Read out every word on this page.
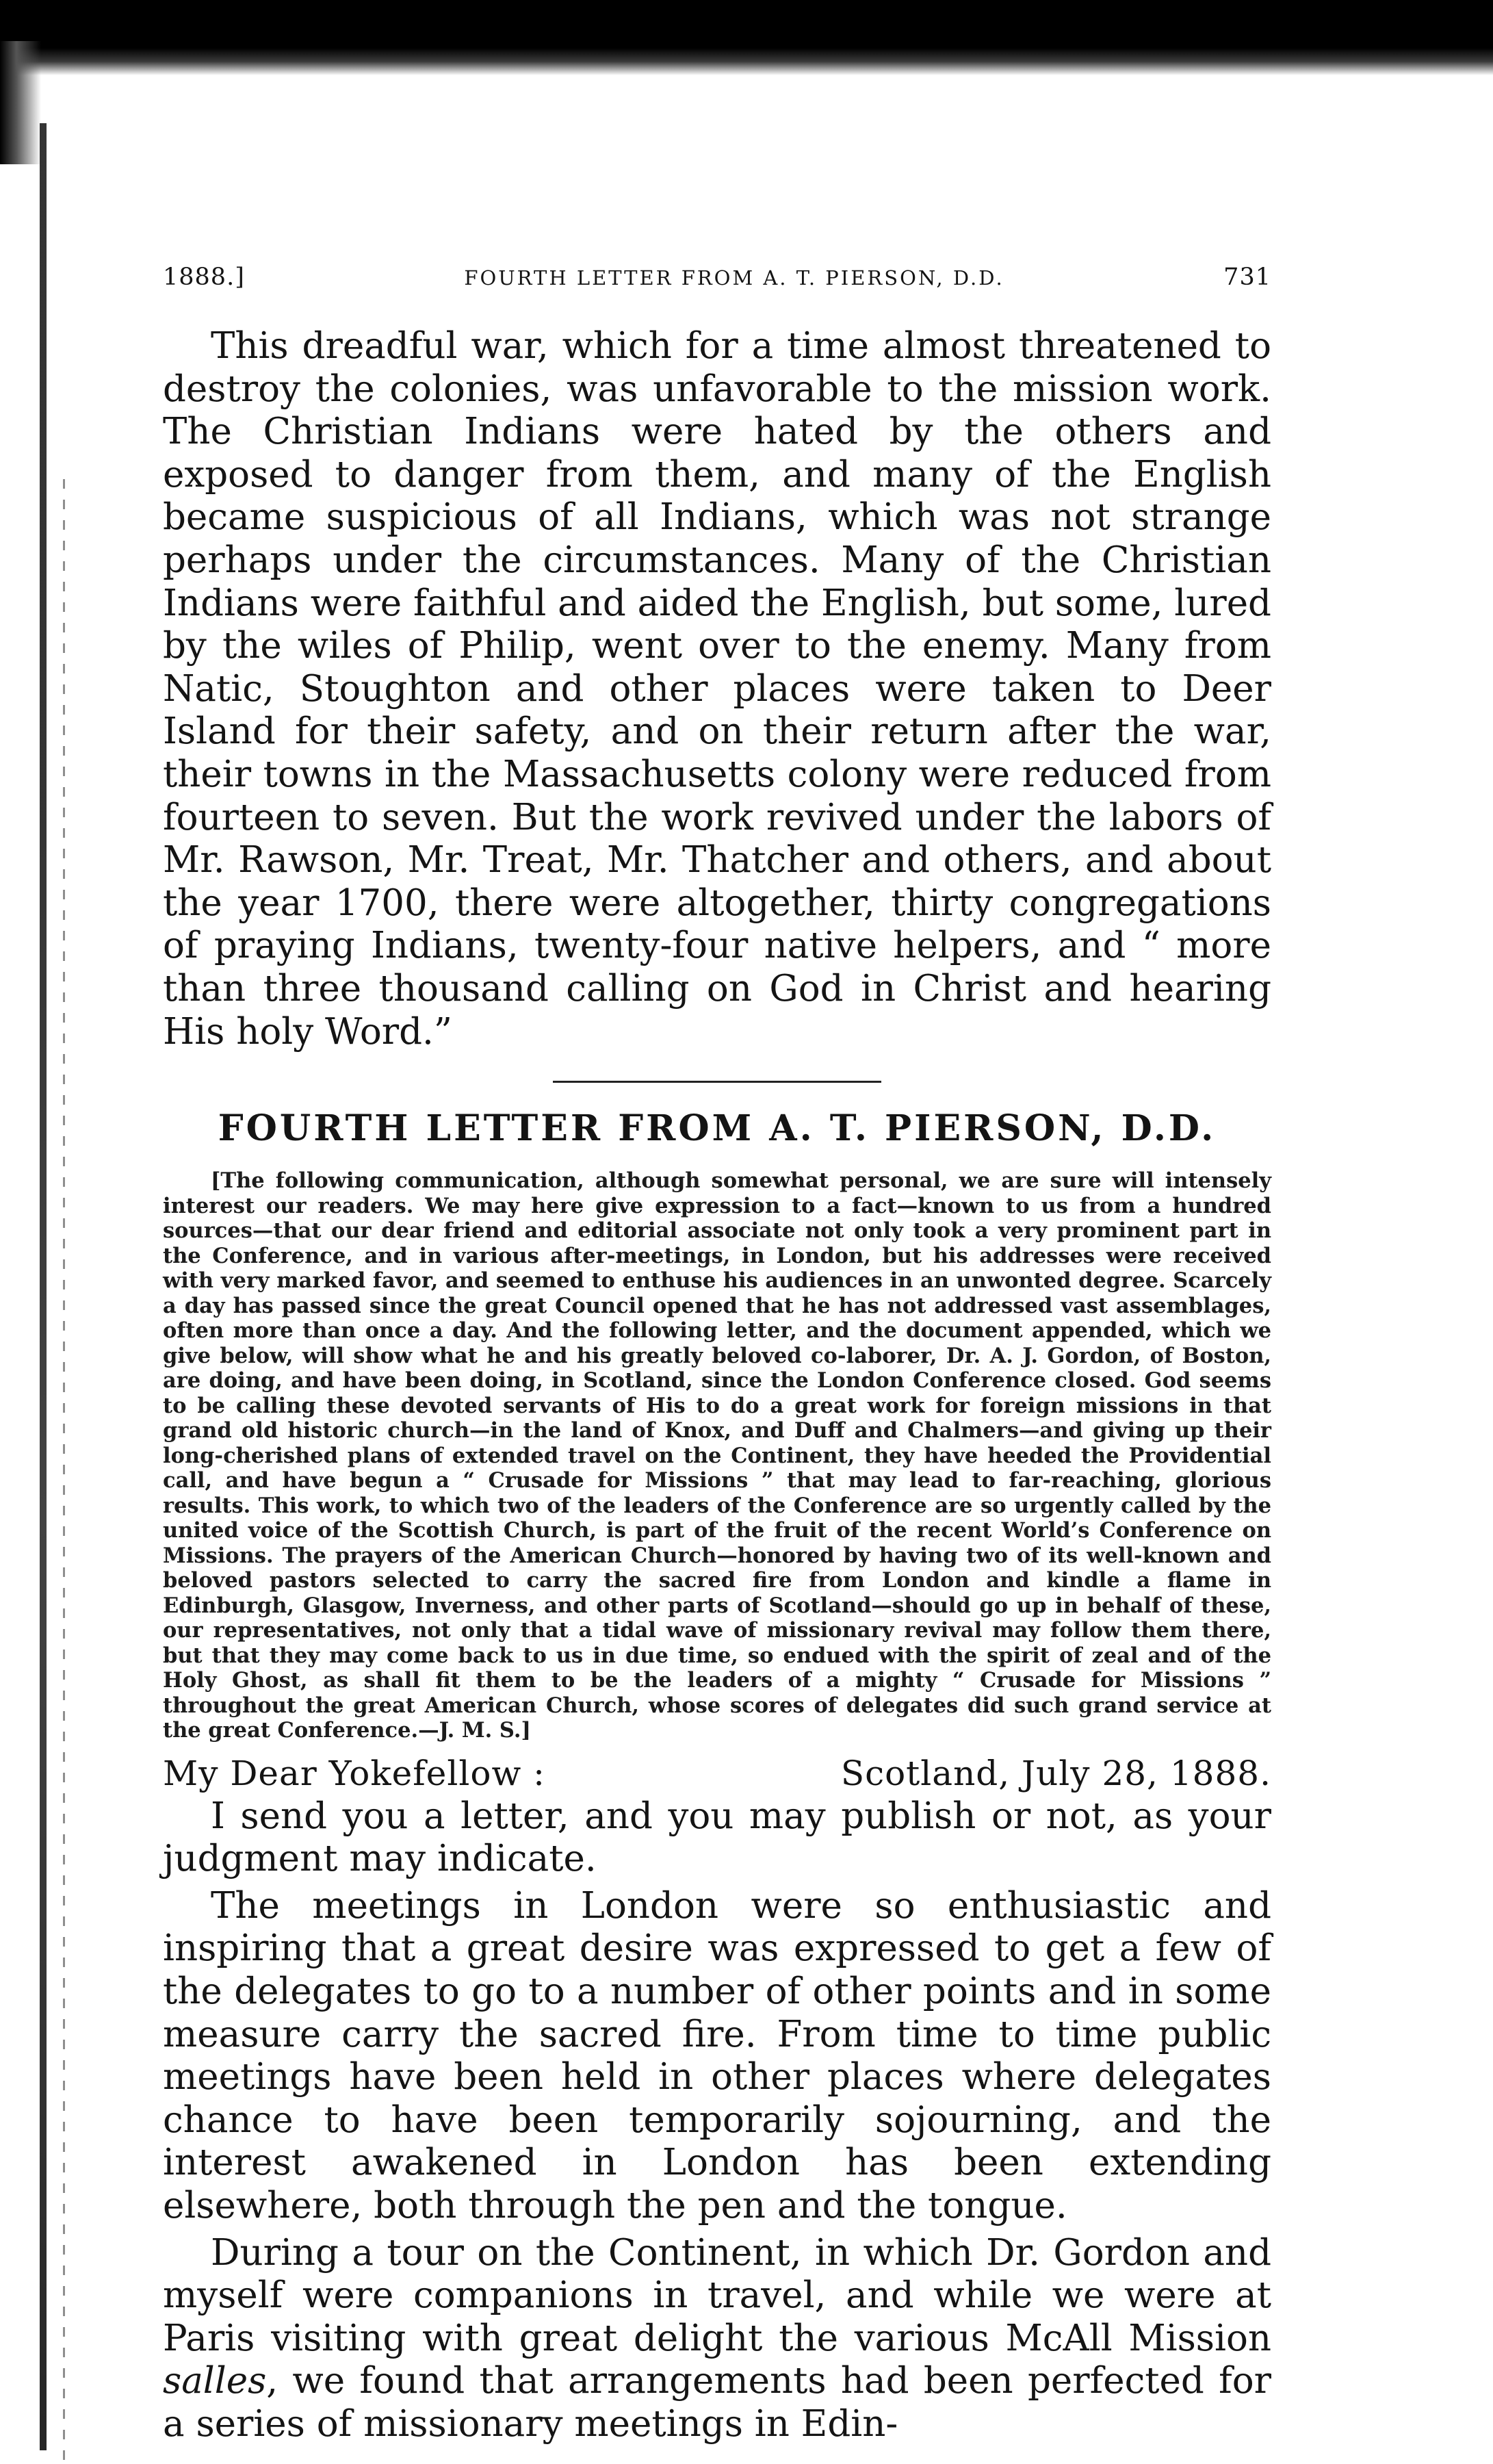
1888.]	FOURTH LETTER FROM A. T. PIERSON, D.D.	731

This dreadful war, which for a time almost threatened to destroy the colonies, was unfavorable to the mission work. The Christian Indians were hated by the others and exposed to danger from them, and many of the English became suspicious of all Indians, which was not strange perhaps under the circumstances. Many of the Christian Indians were faithful and aided the English, but some, lured by the wiles of Philip, went over to the enemy. Many from Natic, Stoughton and other places were taken to Deer Island for their safety, and on their return after the war, their towns in the Massachusetts colony were reduced from fourteen to seven. But the work revived under the labors of Mr. Rawson, Mr. Treat, Mr. Thatcher and others, and about the year 1700, there were altogether, thirty congregations of praying Indians, twenty-four native helpers, and “ more than three thousand calling on God in Christ and hearing His holy Word.”

FOURTH LETTER FROM A. T. PIERSON, D.D.

[The following communication, although somewhat personal, we are sure will intensely interest our readers. We may here give expression to a fact—known to us from a hundred sources—that our dear friend and editorial associate not only took a very prominent part in the Conference, and in various after-meetings, in London, but his addresses were received with very marked favor, and seemed to enthuse his audiences in an unwonted degree. Scarcely a day has passed since the great Council opened that he has not addressed vast assemblages, often more than once a day. And the following letter, and the document appended, which we give below, will show what he and his greatly beloved co-laborer, Dr. A. J. Gordon, of Boston, are doing, and have been doing, in Scotland, since the London Conference closed. God seems to be calling these devoted servants of His to do a great work for foreign missions in that grand old historic church—in the land of Knox, and Duff and Chalmers—and giving up their long-cherished plans of extended travel on the Continent, they have heeded the Providential call, and have begun a “ Crusade for Missions ” that may lead to far-reaching, glorious results. This work, to which two of the leaders of the Conference are so urgently called by the united voice of the Scottish Church, is part of the fruit of the recent World’s Conference on Missions. The prayers of the American Church—honored by having two of its well-known and beloved pastors selected to carry the sacred fire from London and kindle a flame in Edinburgh, Glasgow, Inverness, and other parts of Scotland—should go up in behalf of these, our representatives, not only that a tidal wave of missionary revival may follow them there, but that they may come back to us in due time, so endued with the spirit of zeal and of the Holy Ghost, as shall fit them to be the leaders of a mighty “ Crusade for Missions ” throughout the great American Church, whose scores of delegates did such grand service at the great Conference.—J. M. S.]

My Dear Yokefellow :	Scotland, July 28, 1888.

I send you a letter, and you may publish or not, as your judgment may indicate.

The meetings in London were so enthusiastic and inspiring that a great desire was expressed to get a few of the delegates to go to a number of other points and in some measure carry the sacred fire. From time to time public meetings have been held in other places where delegates chance to have been temporarily sojourning, and the interest awakened in London has been extending elsewhere, both through the pen and the tongue.

During a tour on the Continent, in which Dr. Gordon and myself were companions in travel, and while we were at Paris visiting with great delight the various McAll Mission salles, we found that arrangements had been perfected for a series of missionary meetings in Edin-
